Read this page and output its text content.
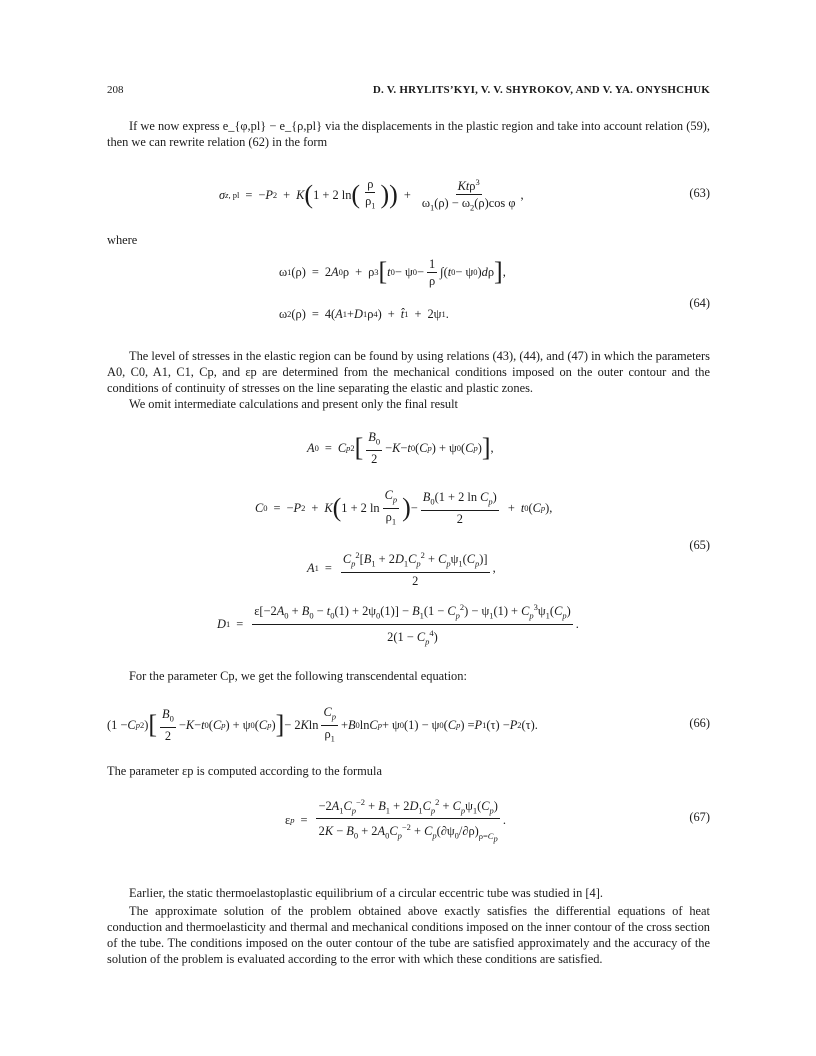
208	D. V. HRYLITS’KYI, V. V. SHYROKOV, AND V. YA. ONYSHCHUK

If we now express e_{φ,pl} − e_{ρ,pl} via the displacements in the plastic region and take into account relation (59), then we can rewrite relation (62) in the form

σ z, pl = − P 2 + K ( 1 + 2 ln ( ρ
$\rho_1$ ) ) +
Ktρ$^3$
$\omega_1(\rho) - \omega_2(\rho)\cos$ φ
,	(63)

where

ω 1 (ρ) = 2 A 0 ρ + ρ 3 [ t 0 − ψ 0 −
1
ρ
∫( t 0 − ψ 0 ) d ρ ] ,
ω 2 (ρ) = 4( A 1 + D 1 ρ 4 ) + t̂ 1 + 2ψ 1 .
(64)

The level of stresses in the elastic region can be found by using relations (43), (44), and (47) in which the parameters A0, C0, A1, C1, Cp, and εp are determined from the mechanical conditions imposed on the outer contour and the conditions of continuity of stresses on the line separating the elastic and plastic zones.

We omit intermediate calculations and present only the final result

A 0 = C p 2 [ $B_0$
2
− K − t 0 ( C p ) + ψ 0 ( C p ) ] ,
C 0 = − P 2 + K ( 1 + 2 ln
$C_p$
$\rho_1$ ) −
$B_0(1 + 2$ $\ln C_p$)
2
+ t 0 ( C p ),
A 1 =
$C_p^2[B_1 + 2D_1C_p^2 + C_p\psi_1(C_p)]$
2
,
D 1 =
$\varepsilon[-2A_0 + B_0 - t_0(1) + 2\psi_0(1)] - B_1(1 - C_p^2) - \psi_1(1) + C_p^3\psi_1(C_p)$
$2(1 - C_p^4)$
.
(65)

For the parameter Cp, we get the following transcendental equation:

(1 − C p 2 ) [ $B_0$
2
− K − t 0 ( C p ) + ψ 0 ( C p ) ] − 2 K ln
$C_p$
$\rho_1$
+ B 0 ln C p + ψ 0 (1) − ψ 0 ( C p ) = P 1 (τ) − P 2 (τ).	(66)

The parameter εp is computed according to the formula

ε p =
$-2A_1C_p^{-2} + B_1 + 2D_1C_p^2 + C_p\psi_1(C_p)$
$2K - B_0 + 2A_0C_p^{-2} + C_p(\partial\psi_0/\partial\rho)_{\rho=C_p}$
.	(67)

Earlier, the static thermoelastoplastic equilibrium of a circular eccentric tube was studied in [4].

The approximate solution of the problem obtained above exactly satisfies the differential equations of heat conduction and thermoelasticity and thermal and mechanical conditions imposed on the inner contour of the cross section of the tube. The conditions imposed on the outer contour of the tube are satisfied approximately and the accuracy of the solution of the problem is evaluated according to the error with which these conditions are satisfied.
